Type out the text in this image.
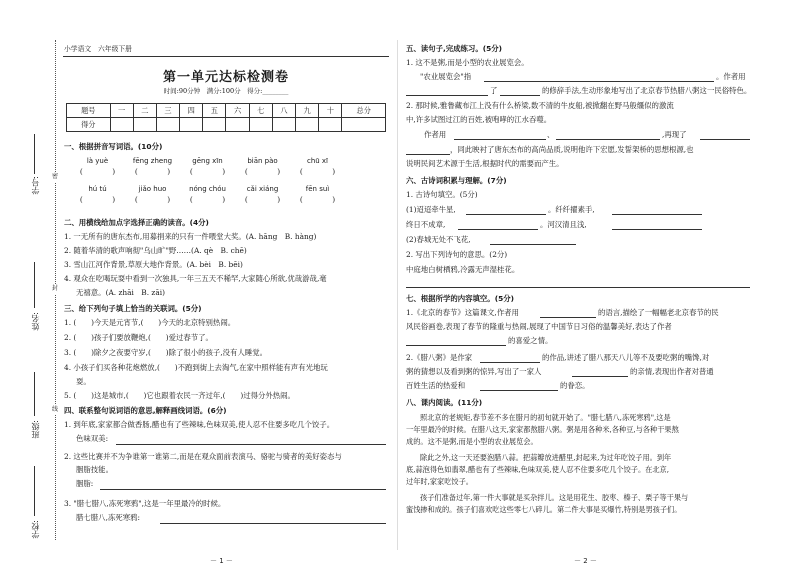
学号:
姓名:
班级:
学校:
密
封
线
小学语文　六年级下册
第一单元达标检测卷
时间:90分钟　满分:100分　得分:________
题号	一	二	三	四	五	六	七	八	九	十	总分
得分											
一、根据拼音写词语。(10分)
là yuè	fēng zheng	gēng xīn	biān pào	chū xī
(　　　　)	(　　　　)	(　　　　)	(　　　　)	(　　　　)
hú tú	jiǎo huo	nóng chóu	cǎi xiáng	fēn suì
(　　　　)	(　　　　)	(　　　　)	(　　　　)	(　　　　)
二、用横线给加点字选择正确的读音。(4分)
1. 一无所有的唐东杰布,用募捐来的只有一件喂堂大奖。(A. hāng　B. hàng)
2. 随着华清的歌声响彻"乌山旷"野……(A. qè　B. chē)
3. 雪山江河作背景,草原大地作背景。(A. bèi　B. bēi)
4. 观众在吃喝玩耍中看到一次独具,一年三五天不稀罕,大家随心所欲,优哉游哉,毫
无禧意。(A. zhāi　B. zāi)
三、给下列句子填上恰当的关联词。(5分)
1. (　　)今天是元宵节,(　　)今天的北京特别热闹。
2. (　　)孩子们要放鞭炮,(　　)爱过春节了。
3. (　　)除夕之夜要守岁,(　　)除了很小的孩子,没有人睡觉。
4. 小孩子们买各种花炮燃放,(　　)不跑到街上去淘气,在家中照样能有声有光地玩
耍。
5. (　　)这是城市,(　　)它也跟着农民一齐过年,(　　)过得分外热闹。
四、联系整句说词语的意思,解释画线词语。(6分)
1. 到年底,家家都合做香肠,醋也有了些辣味,色味双美,使人忍不住要多吃几个饺子。
色味双美:
2. 这些比赛并不为争谁第一谁第二,而是在观众面前表演马、骆驼与骑者的美好姿态与
胭脂技能。
胭脂:
3. "腊七腊八,冻死寒鸦",这是一年里最冷的时候。
腊七腊八,冻死寒鸦:
－ 1 －
五、读句子,完成练习。(5分)
1. 这不是粥,而是小型的农业展览会。
"农业展览会"指	。作者用
了	的修辞手法,生动形象地写出了北京春节热腊八粥这一民俗特色。
2. 那时候,雅鲁藏布江上没有什么桥梁,数不清的牛皮船,被掀翻在野马般缰似的激流
中,许多试图过江的百姓,被咆哮的江水吞噬。
作者用	、	,再现了
，同此映衬了唐东杰布的高尚品质,说明他许下宏愿,发誓架桥的思想根源,也
说明民间艺术源于生活,根据时代的需要而产生。
六、古诗词积累与理解。(7分)
1. 古诗句填空。(5分)
(1)迢迢牵牛星,	。纤纤擢素手,
终日不成章,	。河汉清且浅,
(2)春城无处不飞花,
2. 写出下列诗句的意思。(2分)
中庭地白树栖鸦,冷露无声湿桂花。
七、根据所学的内容填空。(5分)
1.《北京的春节》这篇课文,作者用	的语言,描绘了一幅幅老北京春节的民
风民俗画卷,表现了春节的隆重与热闹,展现了中国节日习俗的温馨美好,表达了作者
的喜爱之情。
2.《腊八粥》是作家	的作品,讲述了腊八那天八儿等不及要吃粥的嘴馋,对
粥的猜想以及看到粥的惊异,写出了一家人	的亲情,表现出作者对普通
百姓生活的热爱和	的眷恋。
八、课内阅读。(11分)
照北京的老规矩,春节差不多在腊月的初旬就开始了。"腊七腊八,冻死寒鸦",这是
一年里最冷的时候。在腊八这天,家家都熬腊八粥。粥是用各种米,各种豆,与各种干果熬
成的。这不是粥,而是小型的农业展览会。
除此之外,这一天还要泡腊八蒜。把蒜瓣放进醋里,封起来,为过年吃饺子用。到年
底,蒜泡得色如翡翠,醋也有了些辣味,色味双美,使人忍不住要多吃几个饺子。在北京,
过年时,家家吃饺子。
孩子们准备过年,第一件大事就是买杂拌儿。这是用花生、胶枣、榛子、栗子等干果与
蜜饯掺和成的。孩子们喜欢吃这些零七八碎儿。第二件大事是买爆竹,特别是男孩子们。
－ 2 －
